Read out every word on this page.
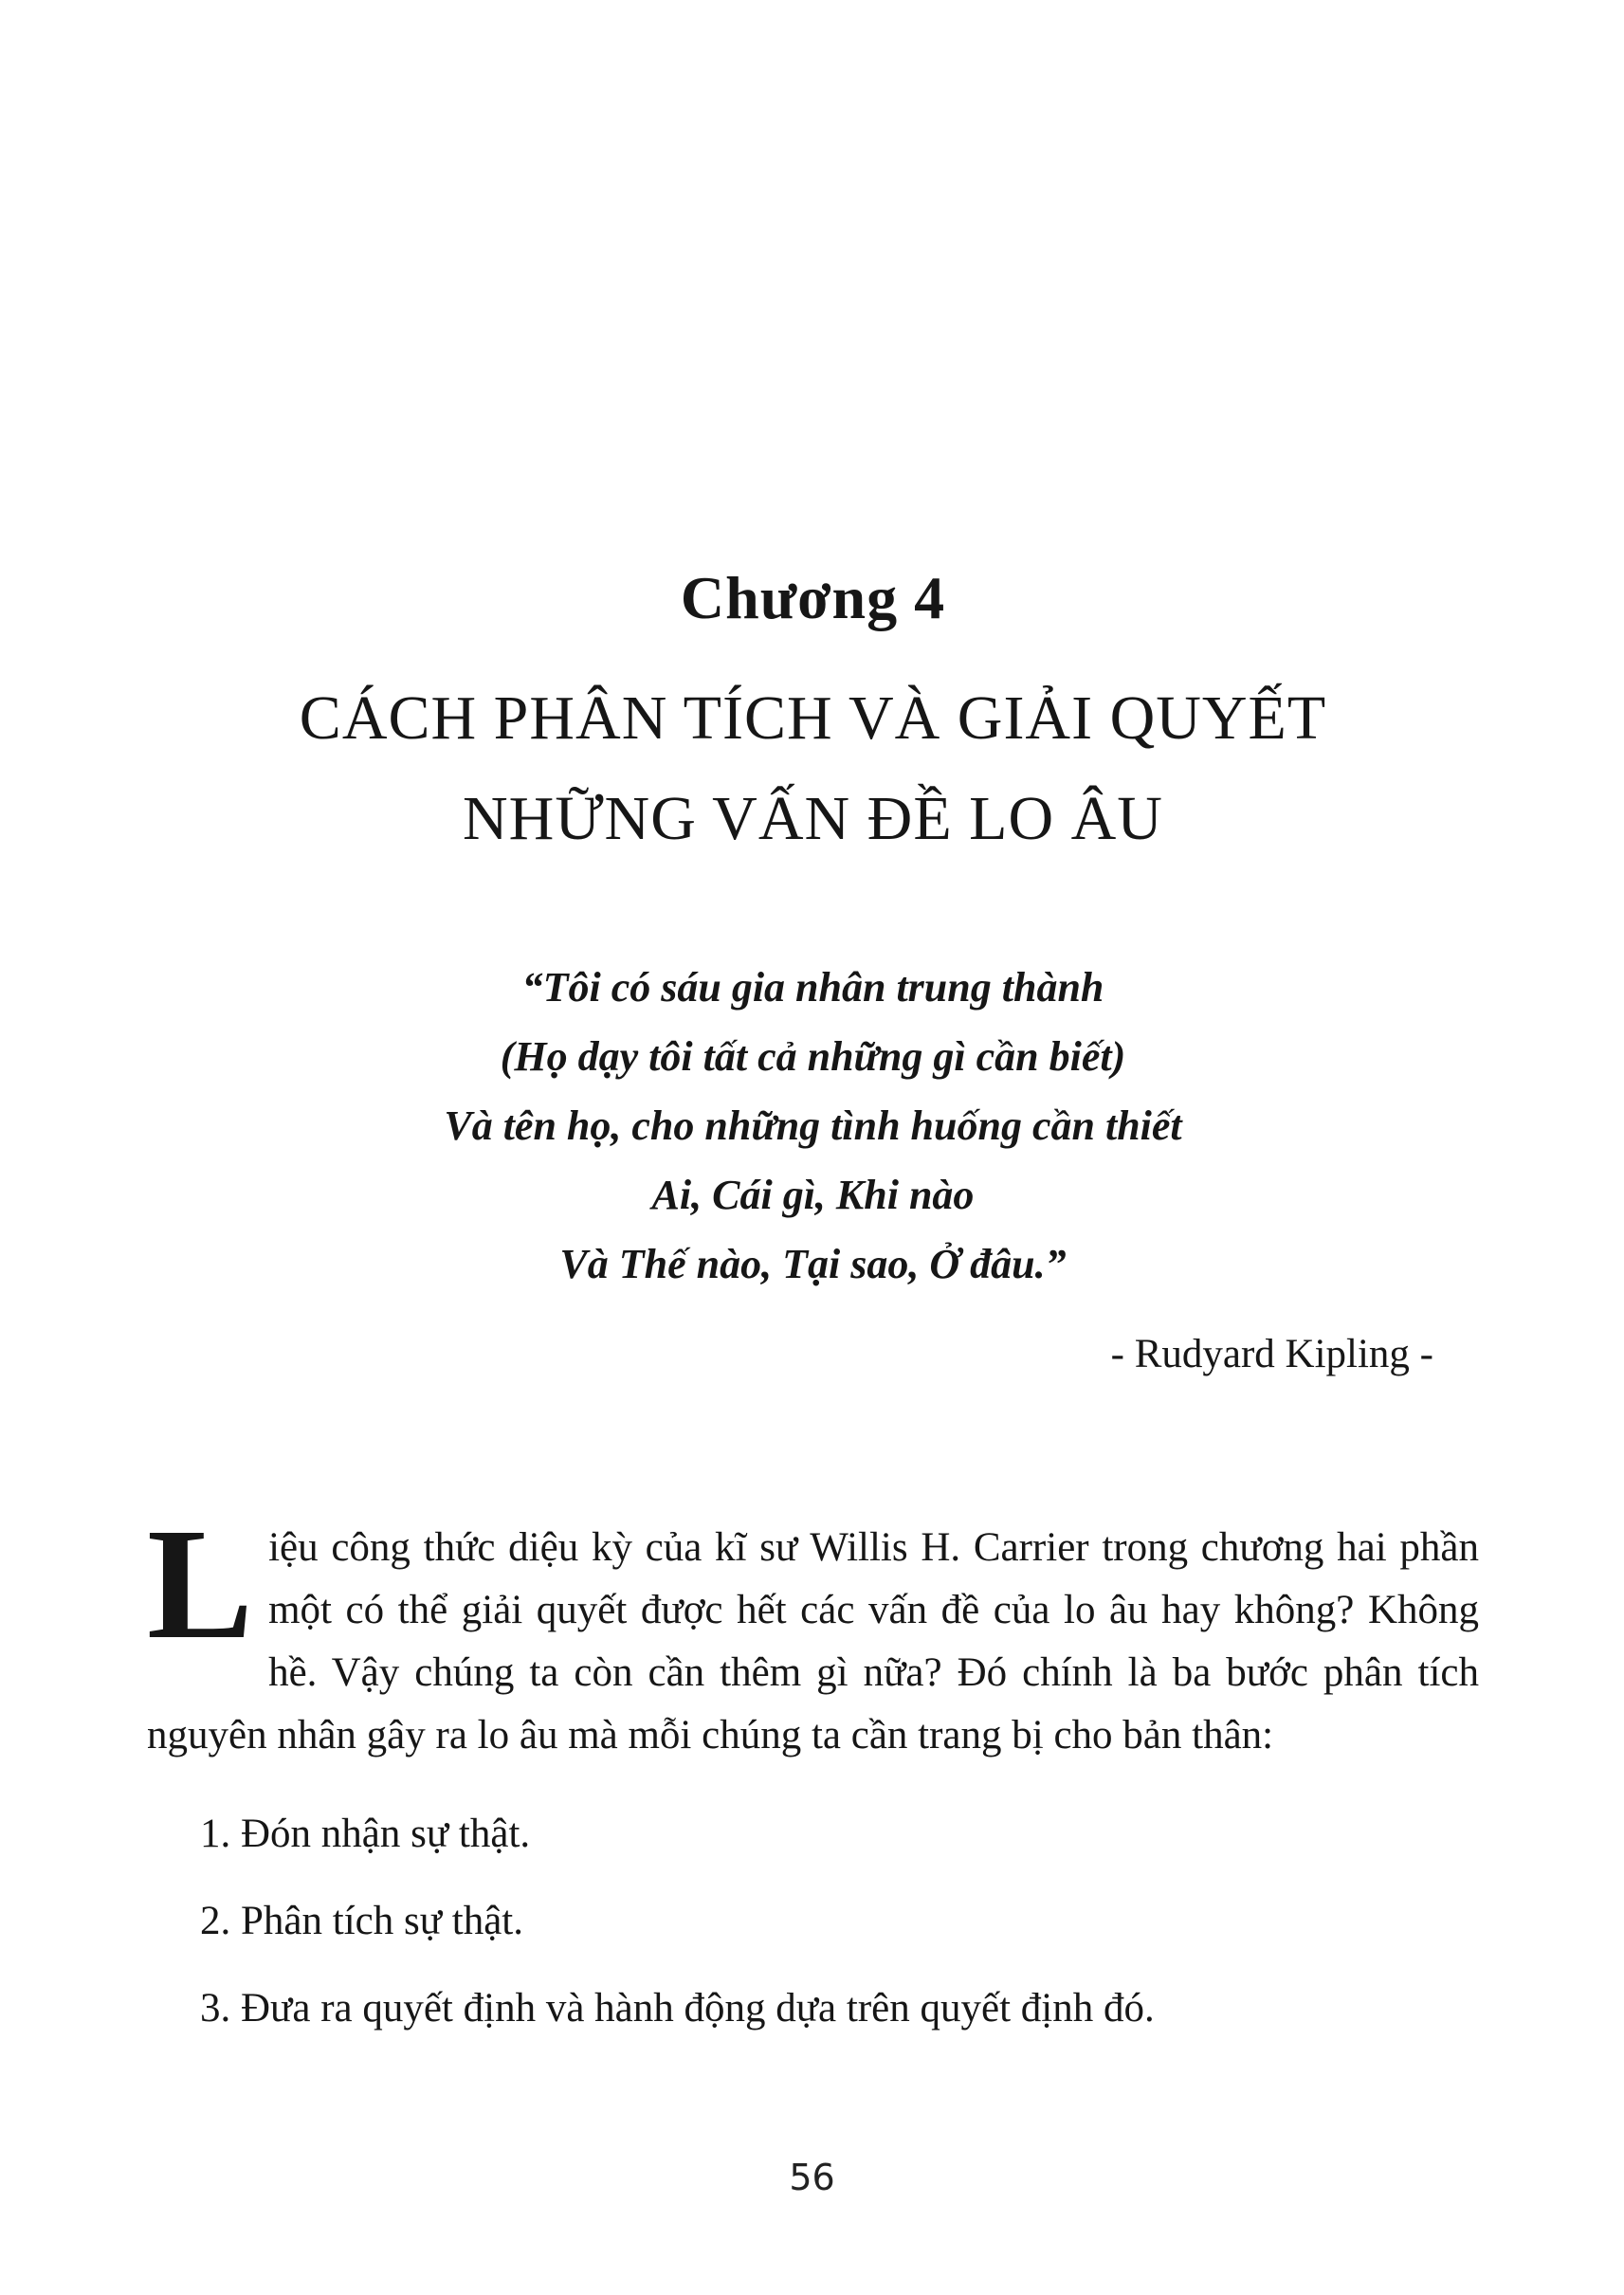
Chương 4
CÁCH PHÂN TÍCH VÀ GIẢI QUYẾT
NHỮNG VẤN ĐỀ LO ÂU
“Tôi có sáu gia nhân trung thành
(Họ dạy tôi tất cả những gì cần biết)
Và tên họ, cho những tình huống cần thiết
Ai, Cái gì, Khi nào
Và Thế nào, Tại sao, Ở đâu.”
- Rudyard Kipling -

L iệu công thức diệu kỳ của kĩ sư Willis H. Carrier trong chương hai phần một có thể giải quyết được hết các vấn đề của lo âu hay không? Không hề. Vậy chúng ta còn cần thêm gì nữa? Đó chính là ba bước phân tích nguyên nhân gây ra lo âu mà mỗi chúng ta cần trang bị cho bản thân:

1. Đón nhận sự thật.
2. Phân tích sự thật.
3. Đưa ra quyết định và hành động dựa trên quyết định đó.
56
